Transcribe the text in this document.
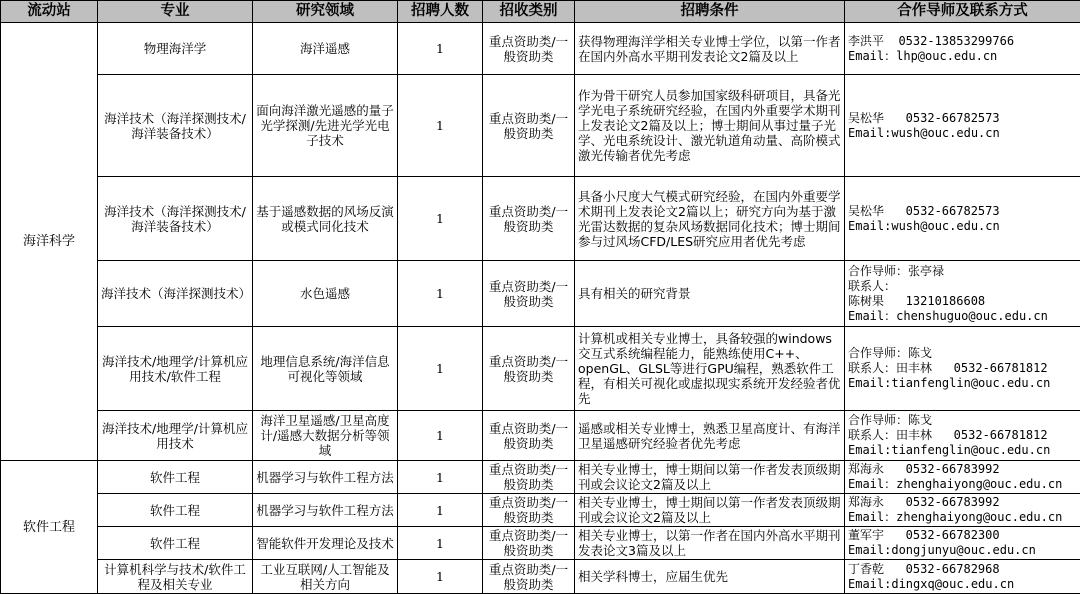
流动站	专业	研究领域	招聘人数	招收类别	招聘条件	合作导师及联系方式
海洋科学	物理海洋学	海洋遥感	1	重点资助类/一般资助类	获得物理海洋学相关专业博士学位，以第一作者在国内外高水平期刊发表论文2篇及以上	李洪平  0532-13853299766
Email：lhp@ouc.edu.cn

	海洋技术（海洋探测技术/海洋装备技术）	面向海洋激光遥感的量子光学探测/先进光学光电子技术	1	重点资助类/一般资助类	作为骨干研究人员参加国家级科研项目，具备光学光电子系统研究经验，在国内外重要学术期刊上发表论文2篇及以上；博士期间从事过量子光学、光电系统设计、激光轨道角动量、高阶模式激光传输者优先考虑	吴松华   0532-66782573
Email:wush@ouc.edu.cn

	海洋技术（海洋探测技术/海洋装备技术）	基于遥感数据的风场反演或模式同化技术	1	重点资助类/一般资助类	具备小尺度大气模式研究经验，在国内外重要学术期刊上发表论文2篇以上；研究方向为基于激光雷达数据的复杂风场数据同化技术；博士期间参与过风场CFD/LES研究应用者优先考虑	吴松华   0532-66782573
Email:wush@ouc.edu.cn

	海洋技术（海洋探测技术）	水色遥感	1	重点资助类/一般资助类	具有相关的研究背景	合作导师：张亭禄
联系人：
陈树果   13210186608
Email：chenshuguo@ouc.edu.cn

	海洋技术/地理学/计算机应用技术/软件工程	地理信息系统/海洋信息可视化等领域	1	重点资助类/一般资助类	计算机或相关专业博士，具备较强的windows交互式系统编程能力，能熟练使用C++、openGL、GLSL等进行GPU编程，熟悉软件工程，有相关可视化或虚拟现实系统开发经验者优先	合作导师：陈戈
联系人：田丰林   0532-66781812
Email:tianfenglin@ouc.edu.cn

	海洋技术/地理学/计算机应用技术	海洋卫星遥感/卫星高度计/遥感大数据分析等领域	1	重点资助类/一般资助类	遥感或相关专业博士，熟悉卫星高度计、有海洋卫星遥感研究经验者优先考虑	合作导师：陈戈
联系人：田丰林   0532-66781812
Email:tianfenglin@ouc.edu.cn

软件工程	软件工程	机器学习与软件工程方法	1	重点资助类/一般资助类	相关专业博士，博士期间以第一作者发表顶级期刊或会议论文2篇及以上	郑海永   0532-66783992
Email：zhenghaiyong@ouc.edu.cn

	软件工程	机器学习与软件工程方法	1	重点资助类/一般资助类	相关专业博士，博士期间以第一作者发表顶级期刊或会议论文2篇及以上	郑海永   0532-66783992
Email：zhenghaiyong@ouc.edu.cn

	软件工程	智能软件开发理论及技术	1	重点资助类/一般资助类	相关专业博士，以第一作者在国内外高水平期刊发表论文3篇及以上	董军宇   0532-66782300
Email:dongjunyu@ouc.edu.cn

	计算机科学与技术/软件工程及相关专业	工业互联网/人工智能及相关方向	1	重点资助类/一般资助类	相关学科博士，应届生优先	丁香乾   0532-66782968
Email:dingxq@ouc.edu.cn
